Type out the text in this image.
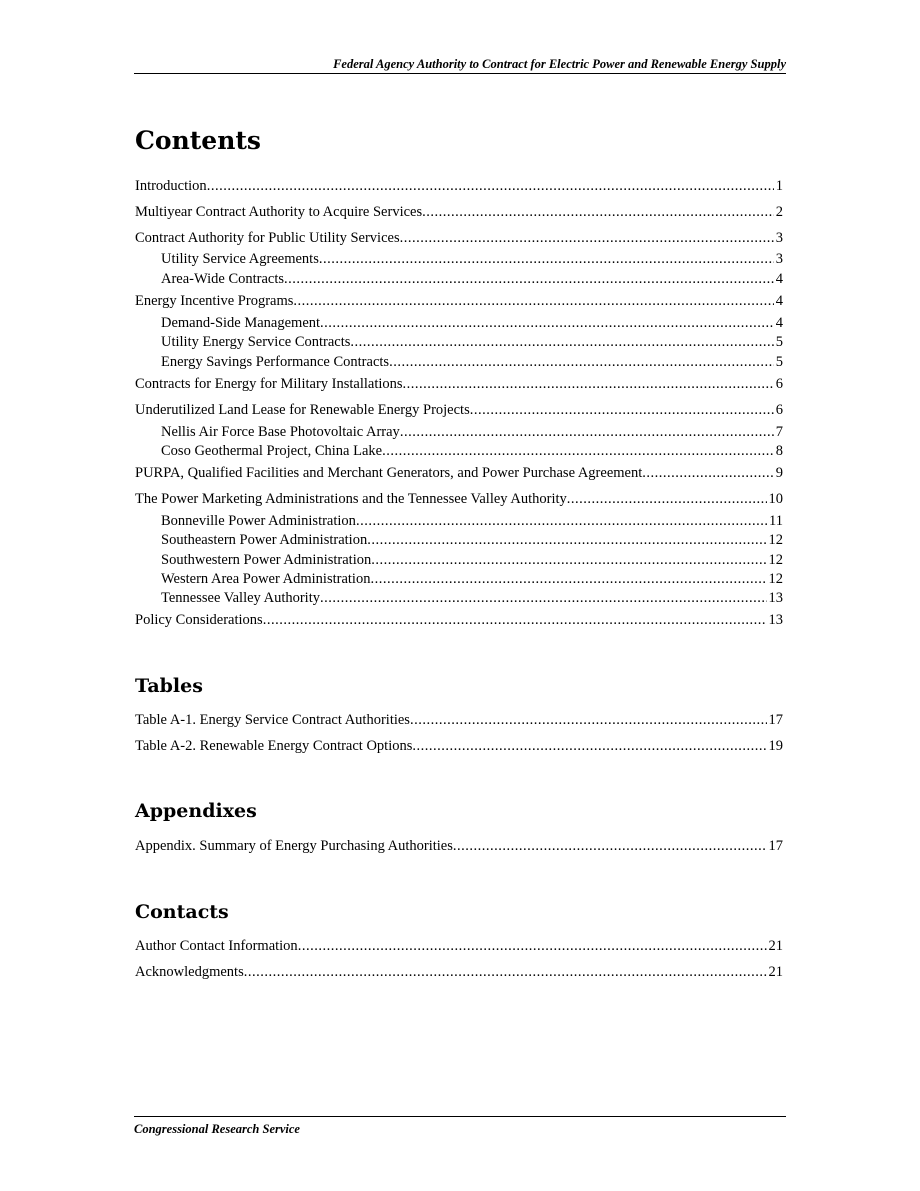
Federal Agency Authority to Contract for Electric Power and Renewable Energy Supply
Contents
Introduction .....	1
Multiyear Contract Authority to Acquire Services .....	2
Contract Authority for Public Utility Services .....	3
Utility Service Agreements .....	3
Area-Wide Contracts .....	4
Energy Incentive Programs .....	4
Demand-Side Management .....	4
Utility Energy Service Contracts .....	5
Energy Savings Performance Contracts .....	5
Contracts for Energy for Military Installations .....	6
Underutilized Land Lease for Renewable Energy Projects .....	6
Nellis Air Force Base Photovoltaic Array .....	7
Coso Geothermal Project, China Lake .....	8
PURPA, Qualified Facilities and Merchant Generators, and Power Purchase Agreement .....	9
The Power Marketing Administrations and the Tennessee Valley Authority .....	10
Bonneville Power Administration .....	11
Southeastern Power Administration .....	12
Southwestern Power Administration .....	12
Western Area Power Administration .....	12
Tennessee Valley Authority .....	13
Policy Considerations .....	13
Tables
Table A-1. Energy Service Contract Authorities .....	17
Table A-2. Renewable Energy Contract Options .....	19
Appendixes
Appendix. Summary of Energy Purchasing Authorities .....	17
Contacts
Author Contact Information .....	21
Acknowledgments .....	21
Congressional Research Service
